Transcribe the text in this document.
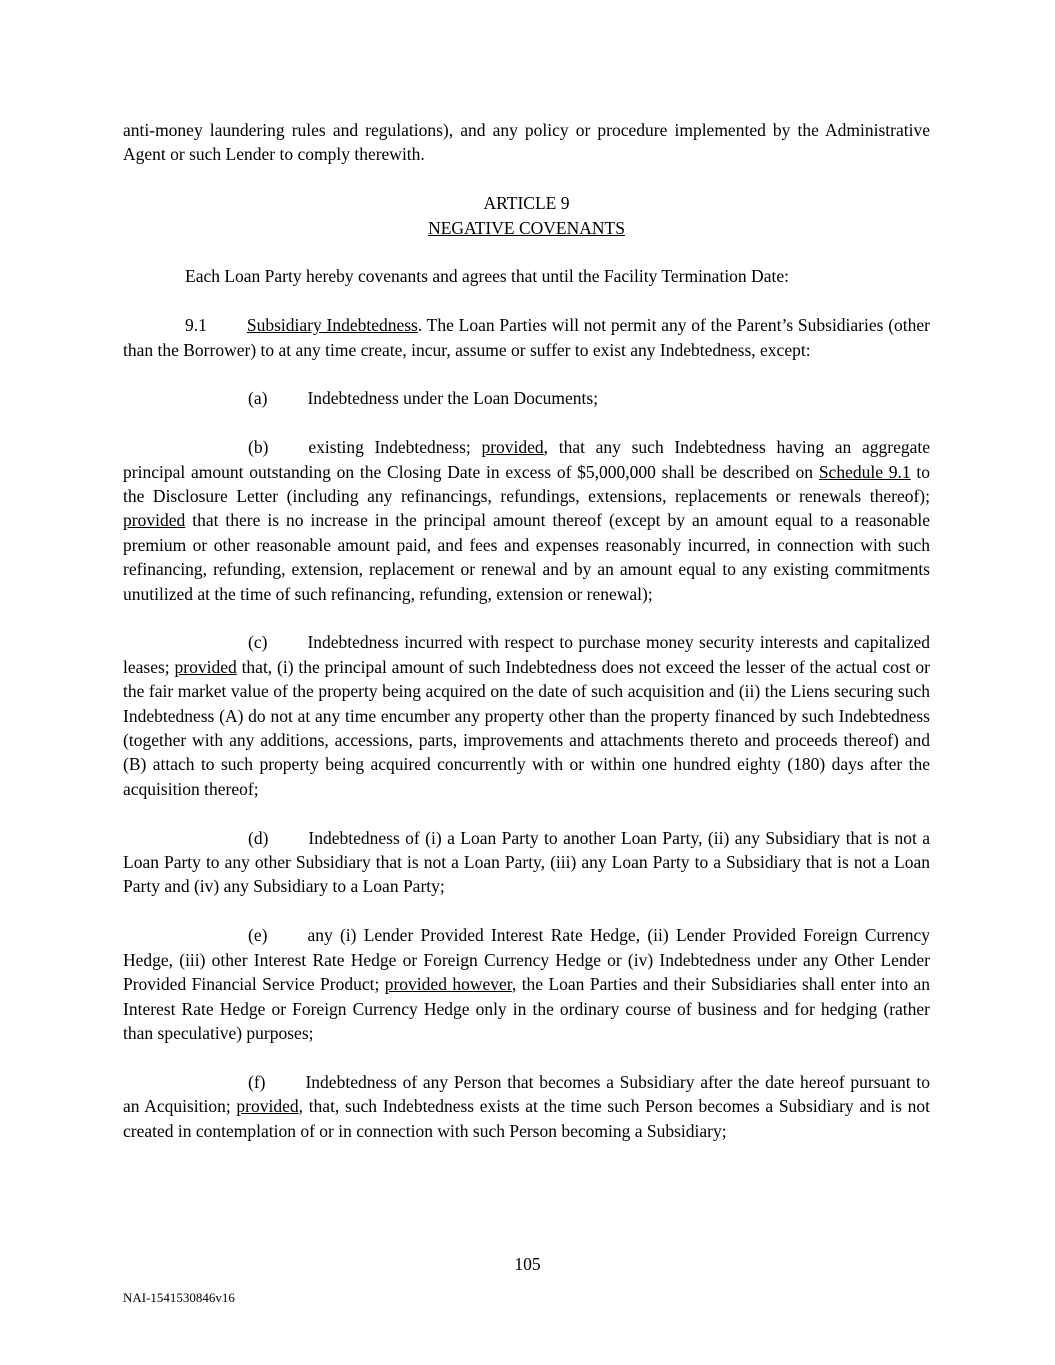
anti-money laundering rules and regulations), and any policy or procedure implemented by the Administrative Agent or such Lender to comply therewith.

ARTICLE 9
NEGATIVE COVENANTS

Each Loan Party hereby covenants and agrees that until the Facility Termination Date:

9.1 Subsidiary Indebtedness. The Loan Parties will not permit any of the Parent’s Subsidiaries (other than the Borrower) to at any time create, incur, assume or suffer to exist any Indebtedness, except:

(a) Indebtedness under the Loan Documents;

(b) existing Indebtedness; provided, that any such Indebtedness having an aggregate principal amount outstanding on the Closing Date in excess of $5,000,000 shall be described on Schedule 9.1 to the Disclosure Letter (including any refinancings, refundings, extensions, replacements or renewals thereof); provided that there is no increase in the principal amount thereof (except by an amount equal to a reasonable premium or other reasonable amount paid, and fees and expenses reasonably incurred, in connection with such refinancing, refunding, extension, replacement or renewal and by an amount equal to any existing commitments unutilized at the time of such refinancing, refunding, extension or renewal);

(c) Indebtedness incurred with respect to purchase money security interests and capitalized leases; provided that, (i) the principal amount of such Indebtedness does not exceed the lesser of the actual cost or the fair market value of the property being acquired on the date of such acquisition and (ii) the Liens securing such Indebtedness (A) do not at any time encumber any property other than the property financed by such Indebtedness (together with any additions, accessions, parts, improvements and attachments thereto and proceeds thereof) and (B) attach to such property being acquired concurrently with or within one hundred eighty (180) days after the acquisition thereof;

(d) Indebtedness of (i) a Loan Party to another Loan Party, (ii) any Subsidiary that is not a Loan Party to any other Subsidiary that is not a Loan Party, (iii) any Loan Party to a Subsidiary that is not a Loan Party and (iv) any Subsidiary to a Loan Party;

(e) any (i) Lender Provided Interest Rate Hedge, (ii) Lender Provided Foreign Currency Hedge, (iii) other Interest Rate Hedge or Foreign Currency Hedge or (iv) Indebtedness under any Other Lender Provided Financial Service Product; provided however, the Loan Parties and their Subsidiaries shall enter into an Interest Rate Hedge or Foreign Currency Hedge only in the ordinary course of business and for hedging (rather than speculative) purposes;

(f) Indebtedness of any Person that becomes a Subsidiary after the date hereof pursuant to an Acquisition; provided, that, such Indebtedness exists at the time such Person becomes a Subsidiary and is not created in contemplation of or in connection with such Person becoming a Subsidiary;

105
NAI-1541530846v16
